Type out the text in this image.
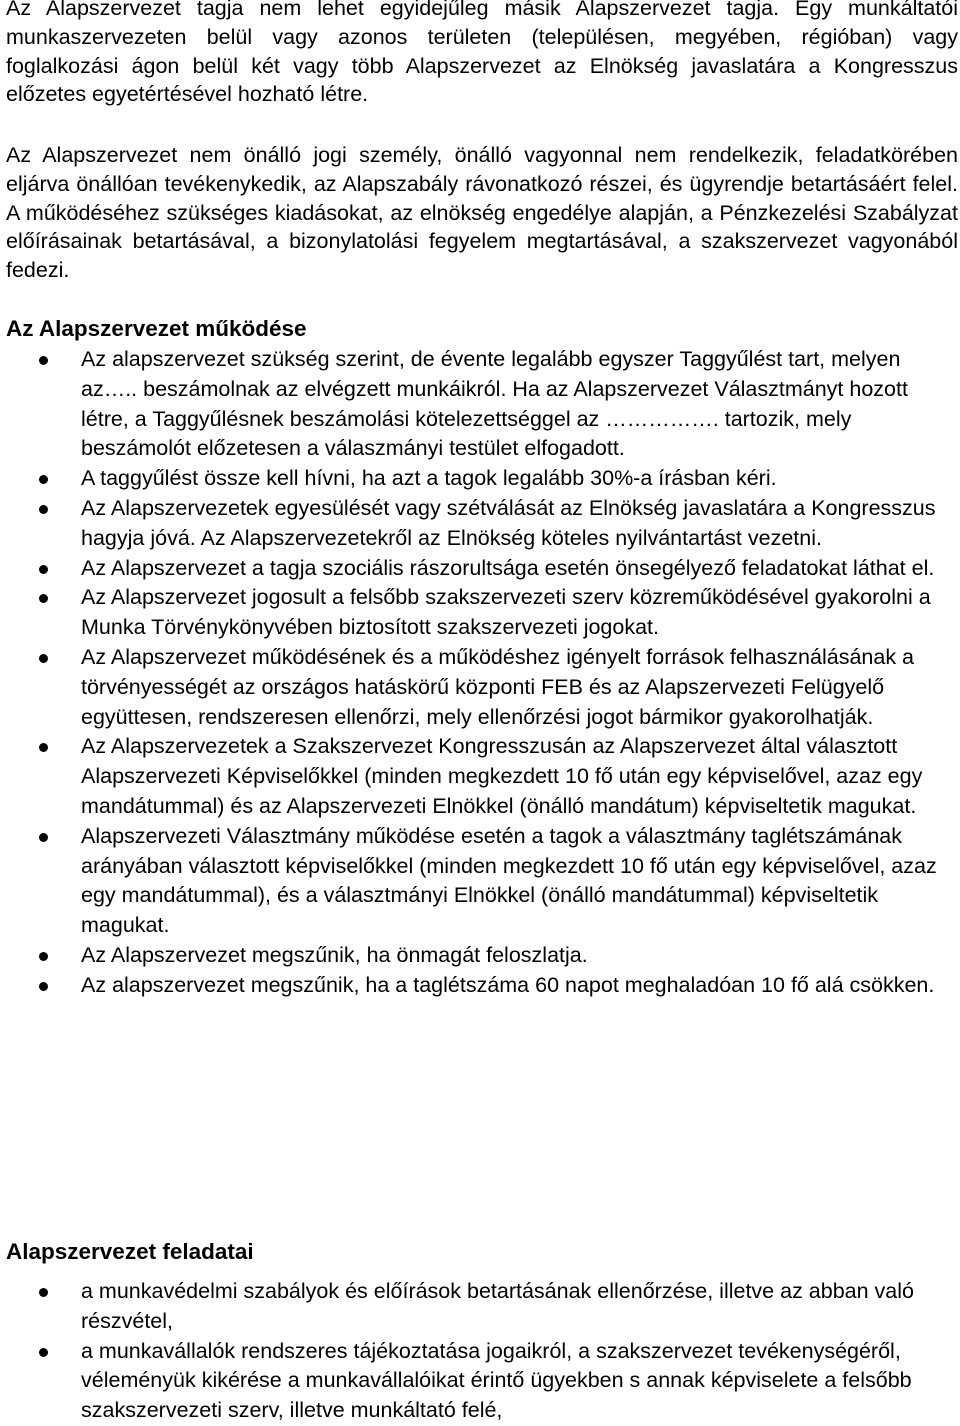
Az Alapszervezet tagja nem lehet egyidejűleg másik Alapszervezet tagja. Egy munkáltatói munkaszervezeten belül vagy azonos területen (településen, megyében, régióban) vagy foglalkozási ágon belül két vagy több Alapszervezet az Elnökség javaslatára a Kongresszus előzetes egyetértésével hozható létre.

Az Alapszervezet nem önálló jogi személy, önálló vagyonnal nem rendelkezik, feladatkörében eljárva önállóan tevékenykedik, az Alapszabály rávonatkozó részei, és ügyrendje betartásáért felel. A működéséhez szükséges kiadásokat, az elnökség engedélye alapján, a Pénzkezelési Szabályzat előírásainak betartásával, a bizonylatolási fegyelem megtartásával, a szakszervezet vagyonából fedezi.

Az Alapszervezet működése
Az alapszervezet szükség szerint, de évente legalább egyszer Taggyűlést tart, melyen az….. beszámolnak az elvégzett munkáikról. Ha az Alapszervezet Választmányt hozott létre, a Taggyűlésnek beszámolási kötelezettséggel az ……………. tartozik, mely beszámolót előzetesen a válaszmányi testület elfogadott.
A taggyűlést össze kell hívni, ha azt a tagok legalább 30%-a írásban kéri.
Az Alapszervezetek egyesülését vagy szétválását az Elnökség javaslatára a Kongresszus hagyja jóvá. Az Alapszervezetekről az Elnökség köteles nyilvántartást vezetni.
Az Alapszervezet a tagja szociális rászorultsága esetén önsegélyező feladatokat láthat el.
Az Alapszervezet jogosult a felsőbb szakszervezeti szerv közreműködésével gyakorolni a Munka Törvénykönyvében biztosított szakszervezeti jogokat.
Az Alapszervezet működésének és a működéshez igényelt források felhasználásának a törvényességét az országos hatáskörű központi FEB és az Alapszervezeti Felügyelő együttesen, rendszeresen ellenőrzi, mely ellenőrzési jogot bármikor gyakorolhatják.
Az Alapszervezetek a Szakszervezet Kongresszusán az Alapszervezet által választott Alapszervezeti Képviselőkkel (minden megkezdett 10 fő után egy képviselővel, azaz egy mandátummal) és az Alapszervezeti Elnökkel (önálló mandátum) képviseltetik magukat.
Alapszervezeti Választmány működése esetén a tagok a választmány taglétszámának arányában választott képviselőkkel (minden megkezdett 10 fő után egy képviselővel, azaz egy mandátummal), és a választmányi Elnökkel (önálló mandátummal) képviseltetik magukat.
Az Alapszervezet megszűnik, ha önmagát feloszlatja.
Az alapszervezet megszűnik, ha a taglétszáma 60 napot meghaladóan 10 fő alá csökken.
Alapszervezet feladatai
a munkavédelmi szabályok és előírások betartásának ellenőrzése, illetve az abban való részvétel,
a munkavállalók rendszeres tájékoztatása jogaikról, a szakszervezet tevékenységéről, véleményük kikérése a munkavállalóikat érintő ügyekben s annak képviselete a felsőbb szakszervezeti szerv, illetve munkáltató felé,
